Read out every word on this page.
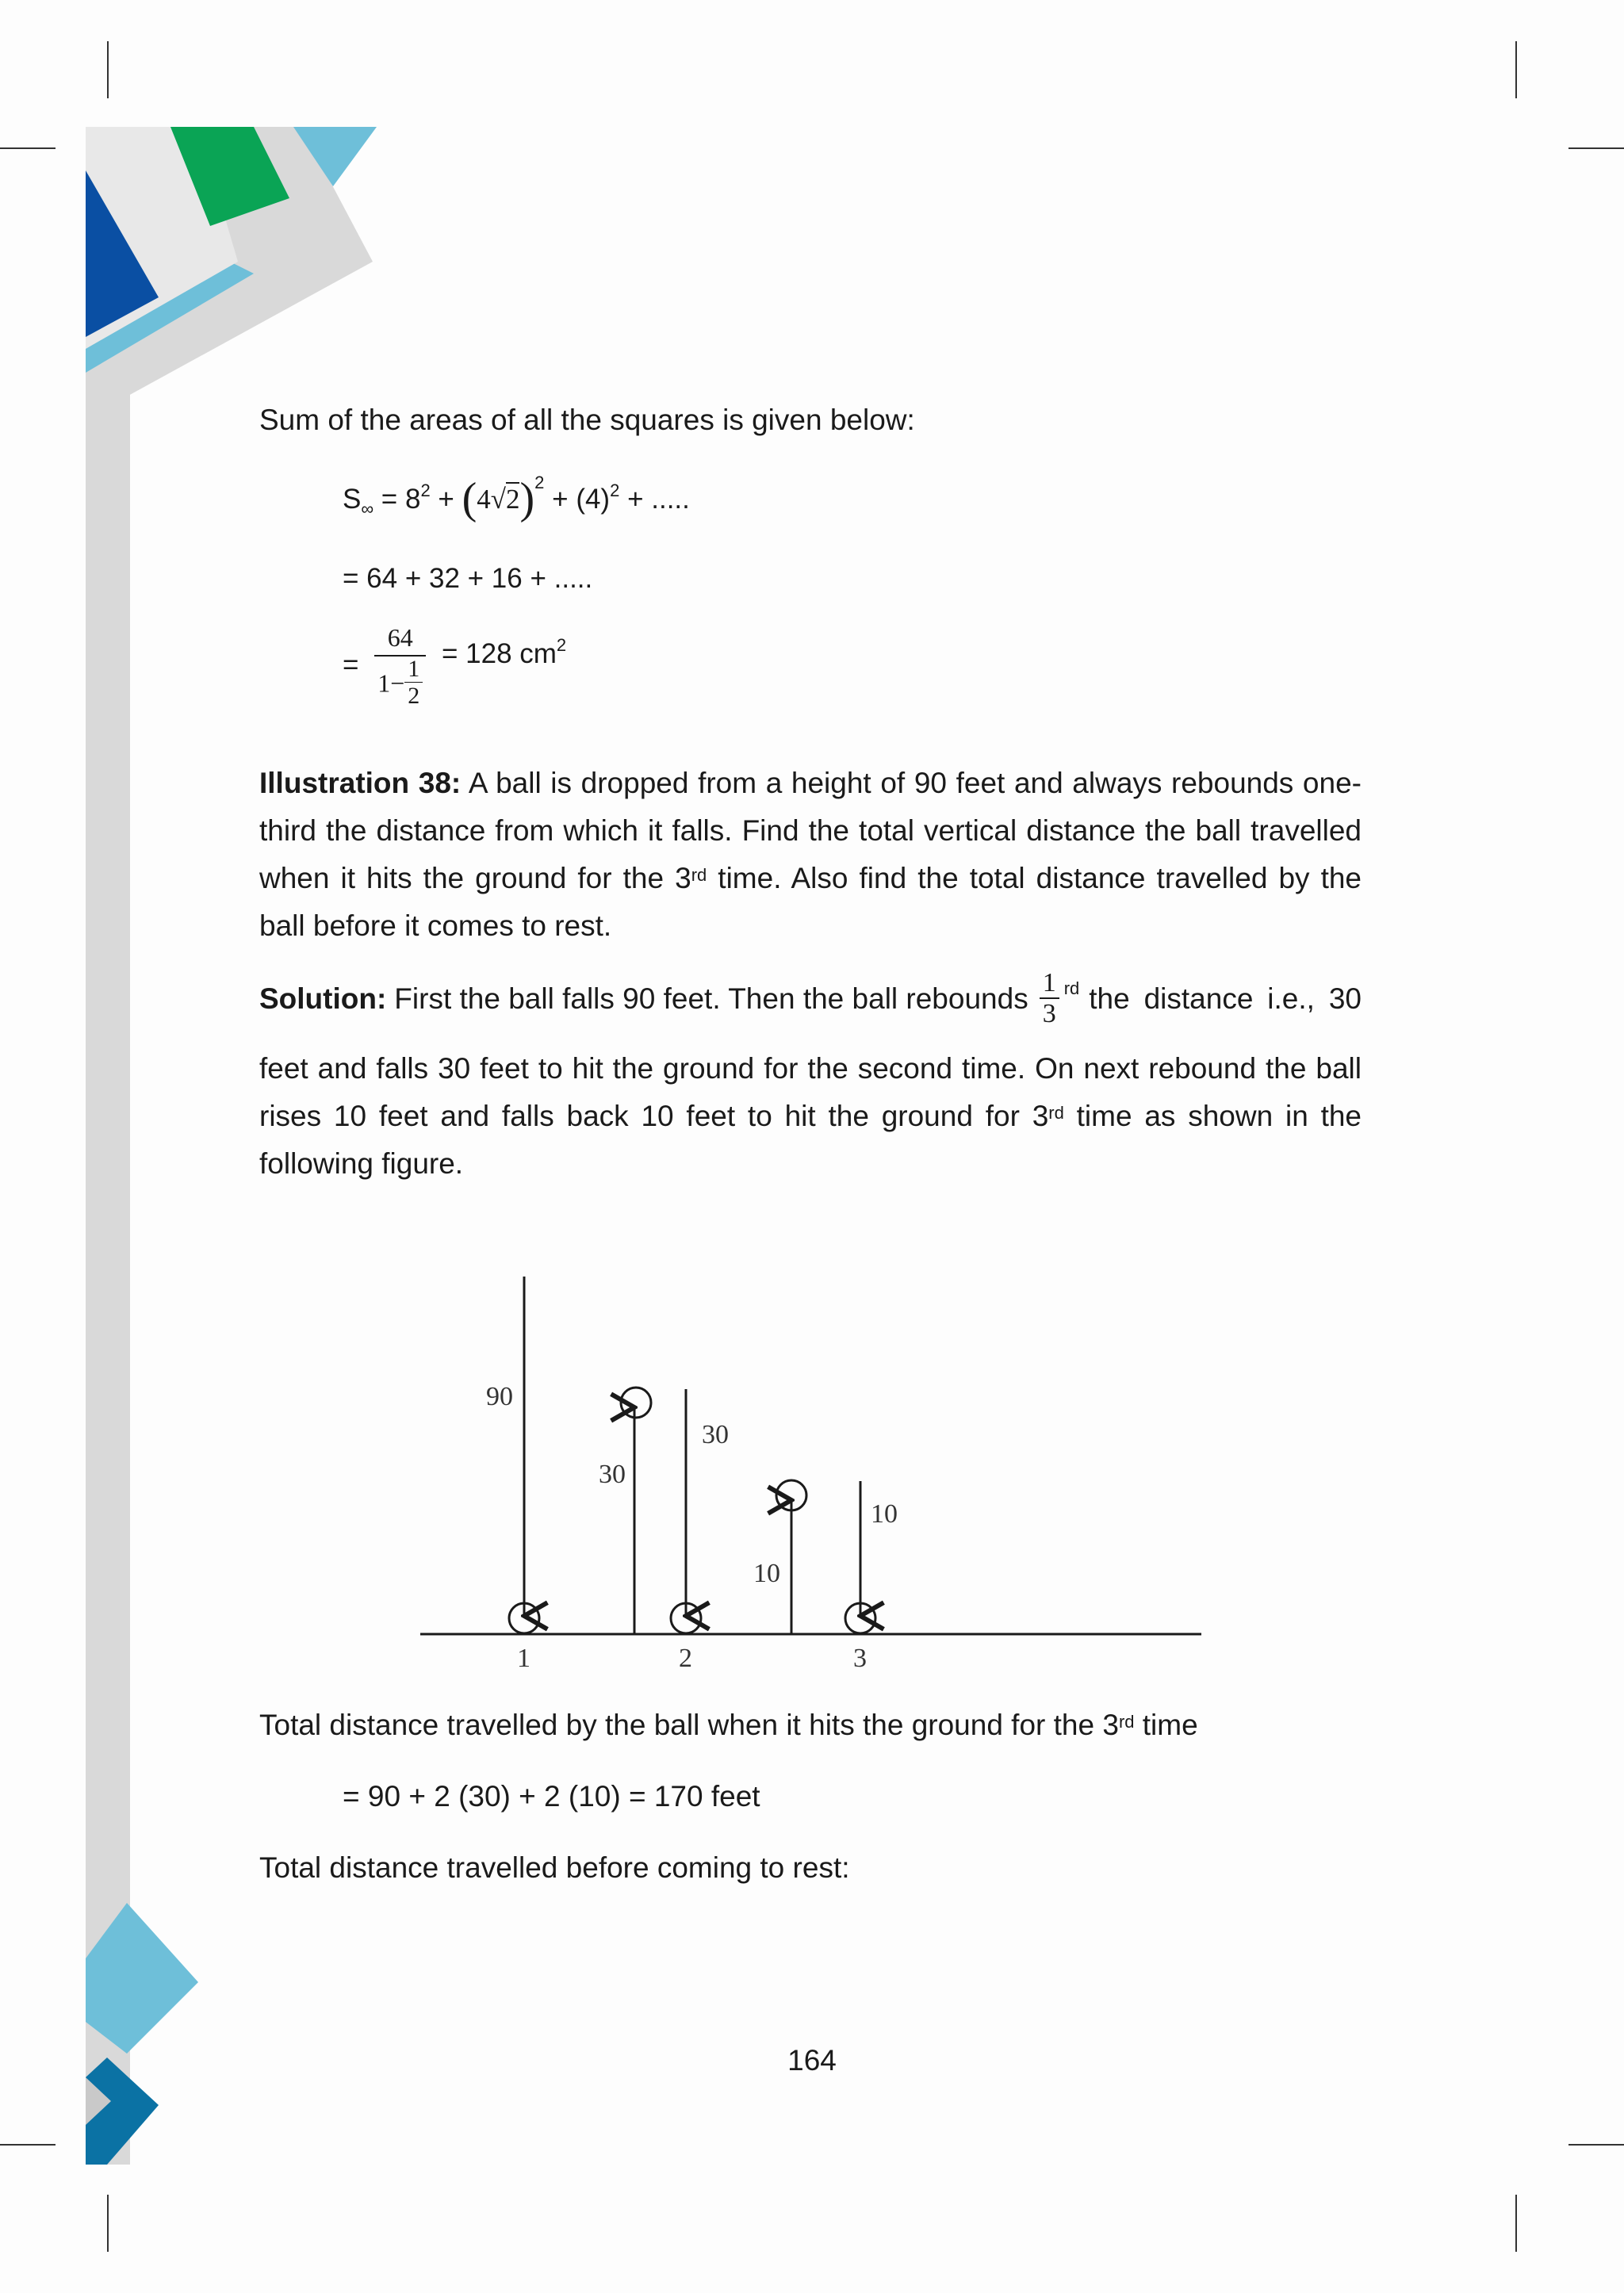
Sum of the areas of all the squares is given below:
$S_\infty = 8^2 + (4√2)^2 + (4)^2$ + .....
= 64 + 32 + 16 + .....
= $\frac{64}{1- \frac{1}{2}} = 128$ $cm^2$
Illustration 38: A ball is dropped from a height of 90 feet and always rebounds one-third the distance from which it falls. Find the total vertical distance the ball travelled when it hits the ground for the 3rd time. Also find the total distance travelled by the ball before it comes to rest.
Solution: First the ball falls 90 feet. Then the ball rebounds $\frac{1}{3} ^{rd}$ the distance i.e., 30
feet and falls 30 feet to hit the ground for the second time. On next rebound the ball rises 10 feet and falls back 10 feet to hit the ground for 3rd time as shown in the following figure.
90
30
30
10
10
1	2	3
Total distance travelled by the ball when it hits the ground for the 3rd time
= 90 + 2 (30) + 2 (10) = 170 feet
Total distance travelled before coming to rest:
164
